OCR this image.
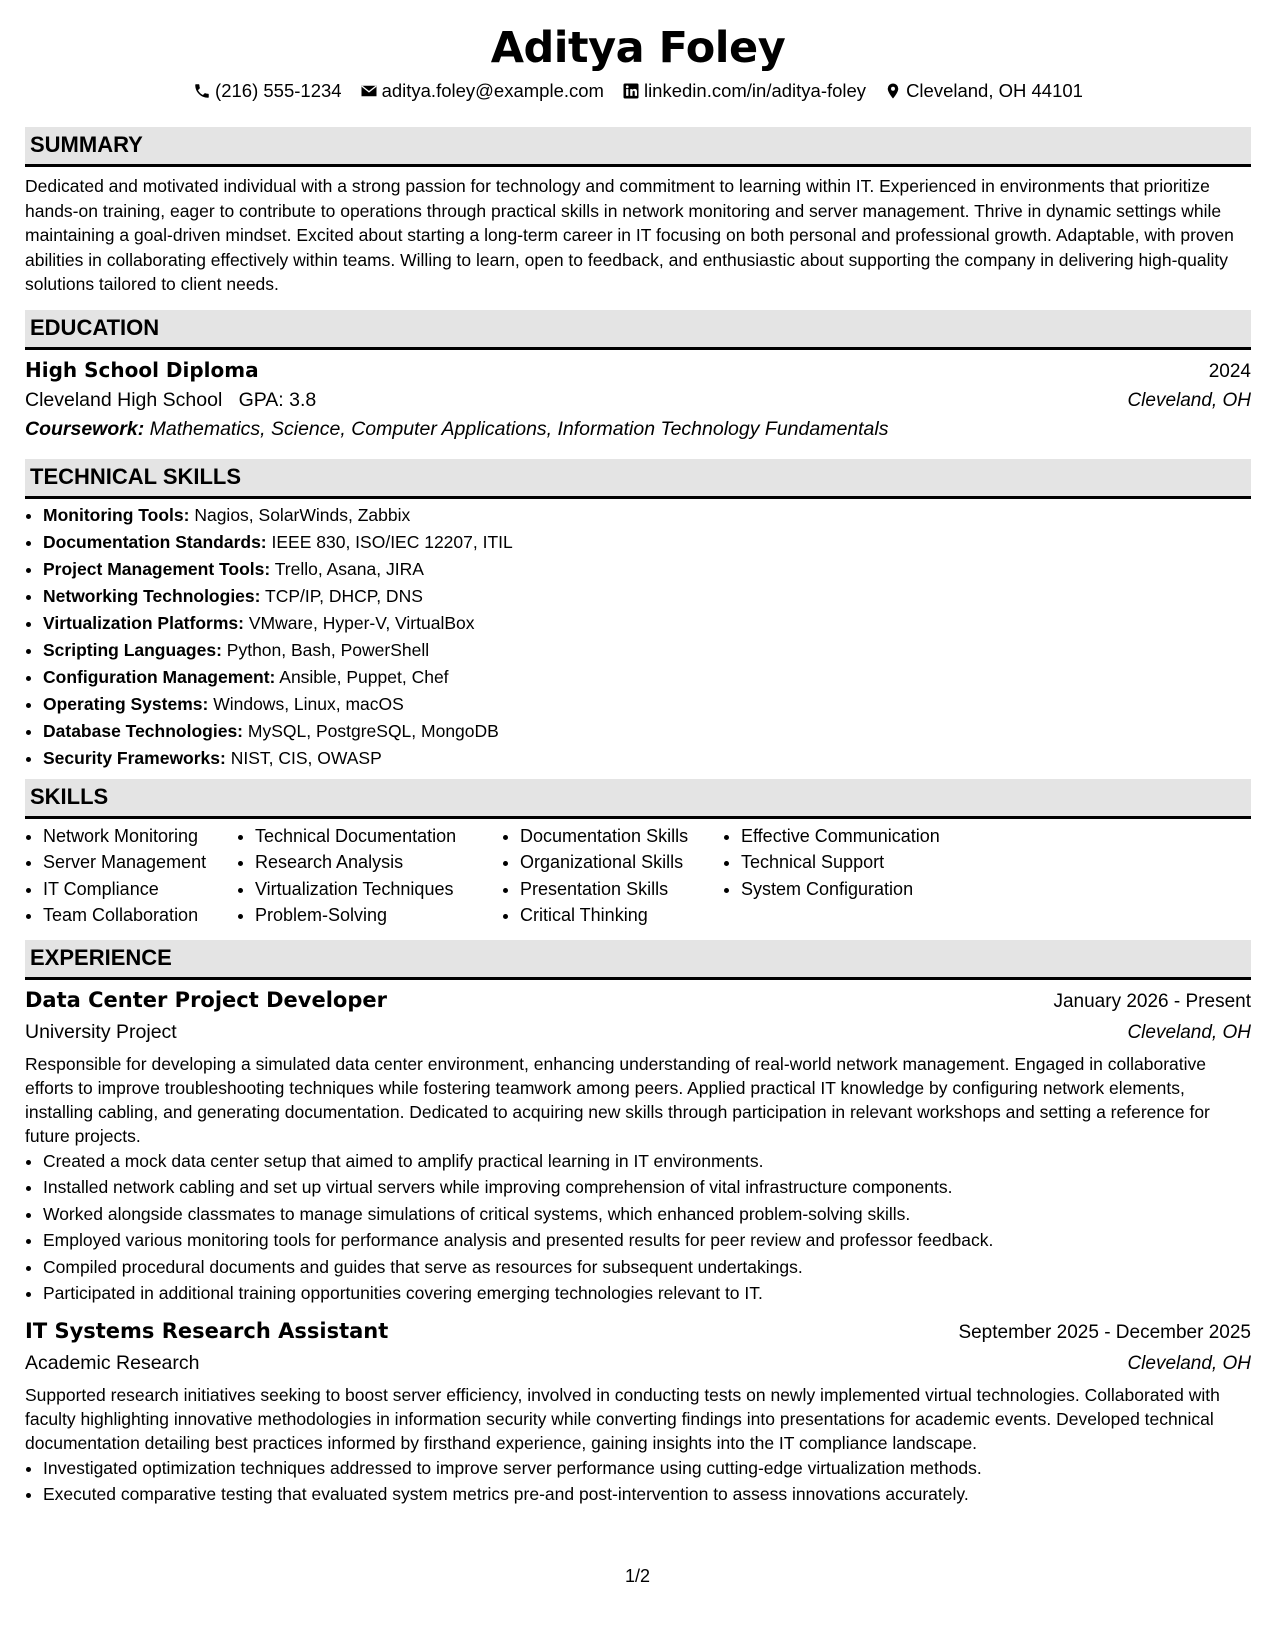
Aditya Foley
(216) 555-1234 aditya.foley@example.com linkedin.com/in/aditya-foley Cleveland, OH 44101
SUMMARY

Dedicated and motivated individual with a strong passion for technology and commitment to learning within IT. Experienced in environments that prioritize hands-on training, eager to contribute to operations through practical skills in network monitoring and server management. Thrive in dynamic settings while maintaining a goal-driven mindset. Excited about starting a long-term career in IT focusing on both personal and professional growth. Adaptable, with proven abilities in collaborating effectively within teams. Willing to learn, open to feedback, and enthusiastic about supporting the company in delivering high-quality solutions tailored to client needs.

EDUCATION
High School Diploma	2024
Cleveland High School GPA: 3.8	Cleveland, OH
Coursework: Mathematics, Science, Computer Applications, Information Technology Fundamentals
TECHNICAL SKILLS
• Monitoring Tools: Nagios, SolarWinds, Zabbix
• Documentation Standards: IEEE 830, ISO/IEC 12207, ITIL
• Project Management Tools: Trello, Asana, JIRA
• Networking Technologies: TCP/IP, DHCP, DNS
• Virtualization Platforms: VMware, Hyper-V, VirtualBox
• Scripting Languages: Python, Bash, PowerShell
• Configuration Management: Ansible, Puppet, Chef
• Operating Systems: Windows, Linux, macOS
• Database Technologies: MySQL, PostgreSQL, MongoDB
• Security Frameworks: NIST, CIS, OWASP
SKILLS
• Network Monitoring
• Server Management
• IT Compliance
• Team Collaboration
• Technical Documentation
• Research Analysis
• Virtualization Techniques
• Problem-Solving
• Documentation Skills
• Organizational Skills
• Presentation Skills
• Critical Thinking
• Effective Communication
• Technical Support
• System Configuration
EXPERIENCE
Data Center Project Developer	January 2026 - Present
University Project	Cleveland, OH

Responsible for developing a simulated data center environment, enhancing understanding of real-world network management. Engaged in collaborative efforts to improve troubleshooting techniques while fostering teamwork among peers. Applied practical IT knowledge by configuring network elements, installing cabling, and generating documentation. Dedicated to acquiring new skills through participation in relevant workshops and setting a reference for future projects.

• Created a mock data center setup that aimed to amplify practical learning in IT environments.
• Installed network cabling and set up virtual servers while improving comprehension of vital infrastructure components.
• Worked alongside classmates to manage simulations of critical systems, which enhanced problem-solving skills.
• Employed various monitoring tools for performance analysis and presented results for peer review and professor feedback.
• Compiled procedural documents and guides that serve as resources for subsequent undertakings.
• Participated in additional training opportunities covering emerging technologies relevant to IT.
IT Systems Research Assistant	September 2025 - December 2025
Academic Research	Cleveland, OH

Supported research initiatives seeking to boost server efficiency, involved in conducting tests on newly implemented virtual technologies. Collaborated with faculty highlighting innovative methodologies in information security while converting findings into presentations for academic events. Developed technical documentation detailing best practices informed by firsthand experience, gaining insights into the IT compliance landscape.

• Investigated optimization techniques addressed to improve server performance using cutting-edge virtualization methods.
• Executed comparative testing that evaluated system metrics pre-and post-intervention to assess innovations accurately.
1/2
